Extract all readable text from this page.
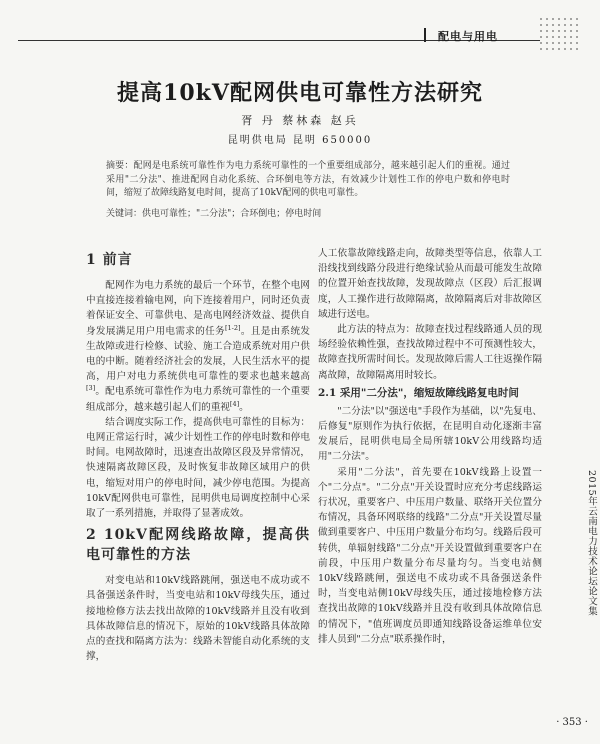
配电与用电
提高10kV配网供电可靠性方法研究
胥 丹 蔡林森 赵兵
昆明供电局 昆明 650000

摘要：配网是电系统可靠性作为电力系统可靠性的一个重要组成部分，越来越引起人们的重视。通过采用"二分法"、推进配网自动化系统、合环倒电等方法，有效减少计划性工作的停电户数和停电时间，缩短了故障线路复电时间，提高了10kV配网的供电可靠性。

关键词：供电可靠性；"二分法"；合环倒电；停电时间

1 前言

配网作为电力系统的最后一个环节，在整个电网中直接连接着输电网，向下连接着用户，同时还负责着保证安全、可靠供电、是高电网经济效益、提供自身发展满足用户用电需求的任务[1-2]。且是由系统发生故障或进行检修、试验、施工合造成系统对用户供电的中断。随着经济社会的发展，人民生活水平的提高，用户对电力系统供电可靠性的要求也越来越高[3]。配电系统可靠性作为电力系统可靠性的一个重要组成部分，越来越引起人们的重视[4]。

结合调度实际工作，提高供电可靠性的目标为：电网正常运行时，减少计划性工作的停电时数和停电时间。电网故障时，迅速查出故障区段及异常情况，快速隔离故障区段，及时恢复非故障区域用户的供电，缩短对用户的停电时间，减少停电范围。为提高10kV配网供电可靠性，昆明供电局调度控制中心采取了一系列措施，并取得了显著成效。

2 10kV配网线路故障，提高供电可靠性的方法

对变电站和10kV线路跳闸，强送电不成功或不具备强送条件时，当变电站和10kV母线失压，通过接地检修方法去找出故障的10kV线路并且没有收到具体故障信息的情况下，原始的10kV线路具体故障点的查找和隔离方法为：线路未智能自动化系统的支撑，

人工依靠故障线路走向，故障类型等信息，依靠人工沿线找到线路分段进行绝缘试验从而最可能发生故障的位置开始查找故障，发现故障点（区段）后汇报调度，人工操作进行故障隔离，故障隔离后对非故障区域进行送电。

此方法的特点为：故障查找过程线路通人员的现场经验依赖性强，查找故障过程中不可预测性较大，故障查找所需时间长。发现故障后需人工往返操作隔离故障，故障隔离用时较长。

2.1 采用"二分法"，缩短故障线路复电时间

"二分法"以"强送电"手段作为基础，以"先复电、后修复"原则作为执行依据，在昆明自动化逐渐丰富发展后，昆明供电局全局所辖10kV公用线路均适用"二分法"。

采用"二分法"，首先要在10kV线路上设置一个"二分点"。"二分点"开关设置时应充分考虑线路运行状况，重要客户、中压用户数量、联络开关位置分布情况，具备环网联络的线路"二分点"开关设置尽量做到重要客户、中压用户数量分布均匀。线路后段可转供，单辐射线路"二分点"开关设置做到重要客户在前段，中压用户数量分布尽量均匀。当变电站侧10kV线路跳闸，强送电不成功或不具备强送条件时，当变电站侧10kV母线失压，通过接地检修方法查找出故障的10kV线路并且没有收到具体故障信息的情况下，"值班调度员即通知线路设备运维单位安排人员到"二分点"联系操作时，

2015年云南电力技术论坛论文集
· 353 ·
